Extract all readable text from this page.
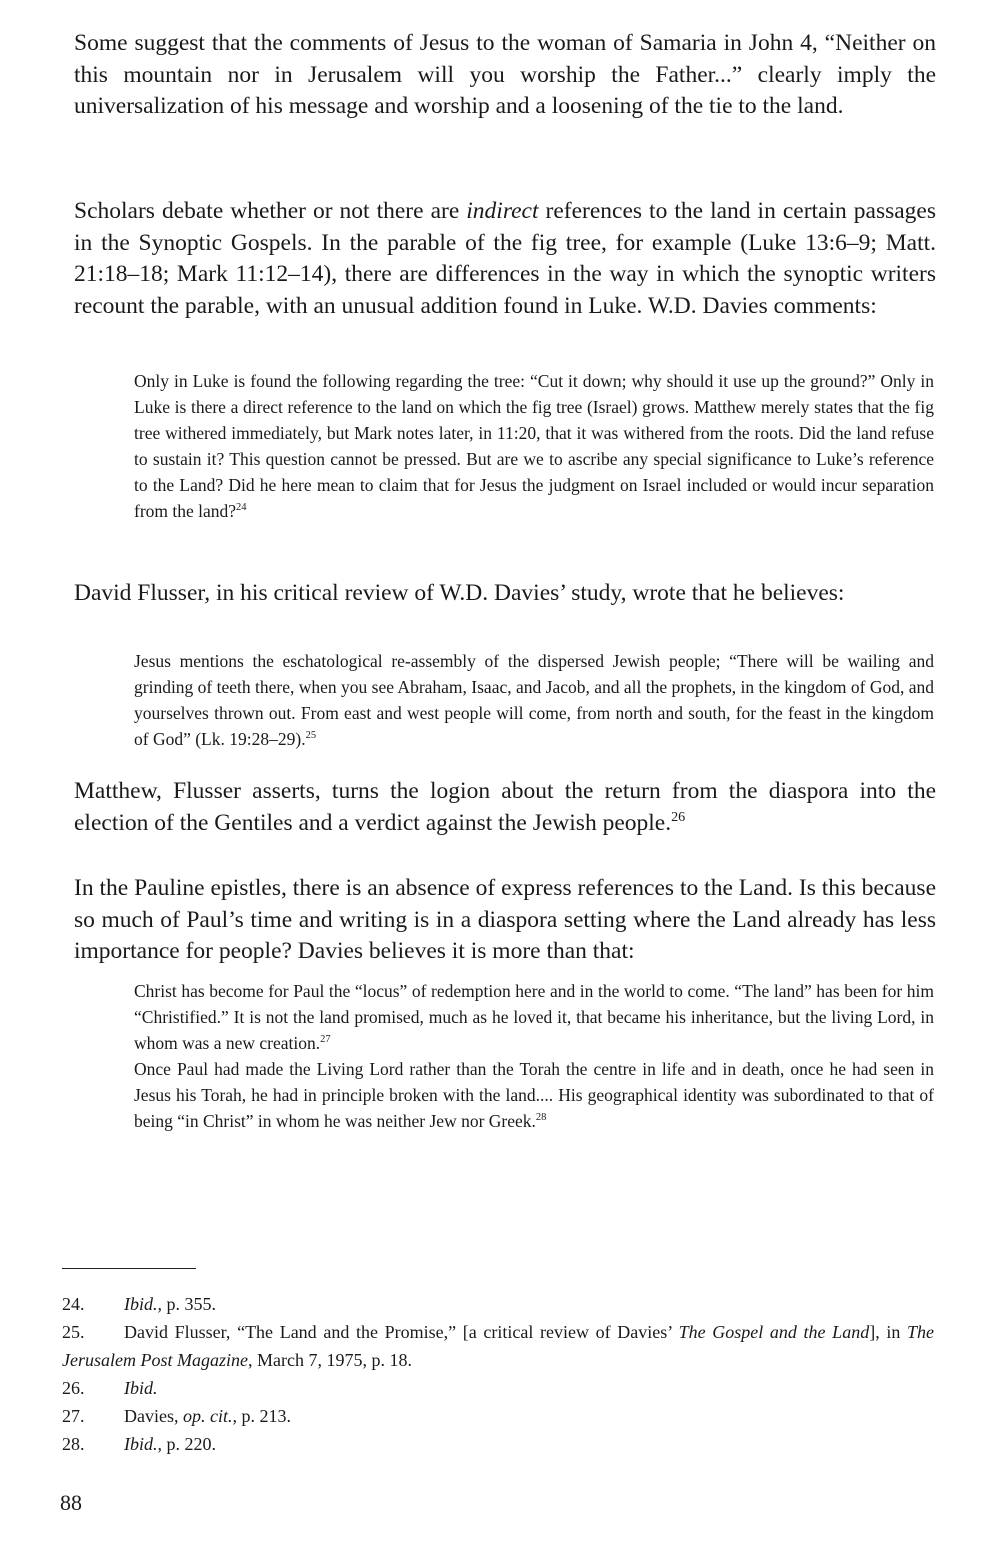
Some suggest that the comments of Jesus to the woman of Samaria in John 4, “Neither on this mountain nor in Jerusalem will you worship the Father...” clearly imply the universalization of his message and worship and a loosening of the tie to the land.

Scholars debate whether or not there are indirect references to the land in certain passages in the Synoptic Gospels. In the parable of the fig tree, for example (Luke 13:6–9; Matt. 21:18–18; Mark 11:12–14), there are differences in the way in which the synoptic writers recount the parable, with an unusual addition found in Luke. W.D. Davies comments:

Only in Luke is found the following regarding the tree: “Cut it down; why should it use up the ground?” Only in Luke is there a direct reference to the land on which the fig tree (Israel) grows. Matthew merely states that the fig tree withered immediately, but Mark notes later, in 11:20, that it was withered from the roots. Did the land refuse to sustain it? This question cannot be pressed. But are we to ascribe any special significance to Luke’s reference to the Land? Did he here mean to claim that for Jesus the judgment on Israel included or would incur separation from the land?$^{24}$

David Flusser, in his critical review of W.D. Davies’ study, wrote that he believes:

Jesus mentions the eschatological re-assembly of the dispersed Jewish people; “There will be wailing and grinding of teeth there, when you see Abraham, Isaac, and Jacob, and all the prophets, in the kingdom of God, and yourselves thrown out. From east and west people will come, from north and south, for the feast in the kingdom of God” (Lk. 19:28–29).$^{25}$

Matthew, Flusser asserts, turns the logion about the return from the diaspora into the election of the Gentiles and a verdict against the Jewish people.$^{26}$

In the Pauline epistles, there is an absence of express references to the Land. Is this because so much of Paul’s time and writing is in a diaspora setting where the Land already has less importance for people? Davies believes it is more than that:

Christ has become for Paul the “locus” of redemption here and in the world to come. “The land” has been for him “Christified.” It is not the land promised, much as he loved it, that became his inheritance, but the living Lord, in whom was a new creation.$^{27}$

Once Paul had made the Living Lord rather than the Torah the centre in life and in death, once he had seen in Jesus his Torah, he had in principle broken with the land.... His geographical identity was subordinated to that of being “in Christ” in whom he was neither Jew nor Greek.$^{28}$

24. Ibid., p. 355.

25. David Flusser, “The Land and the Promise,” [a critical review of Davies’ The Gospel and the Land], in The Jerusalem Post Magazine, March 7, 1975, p. 18.

26. Ibid.

27. Davies, op. cit., p. 213.

28. Ibid., p. 220.

88
